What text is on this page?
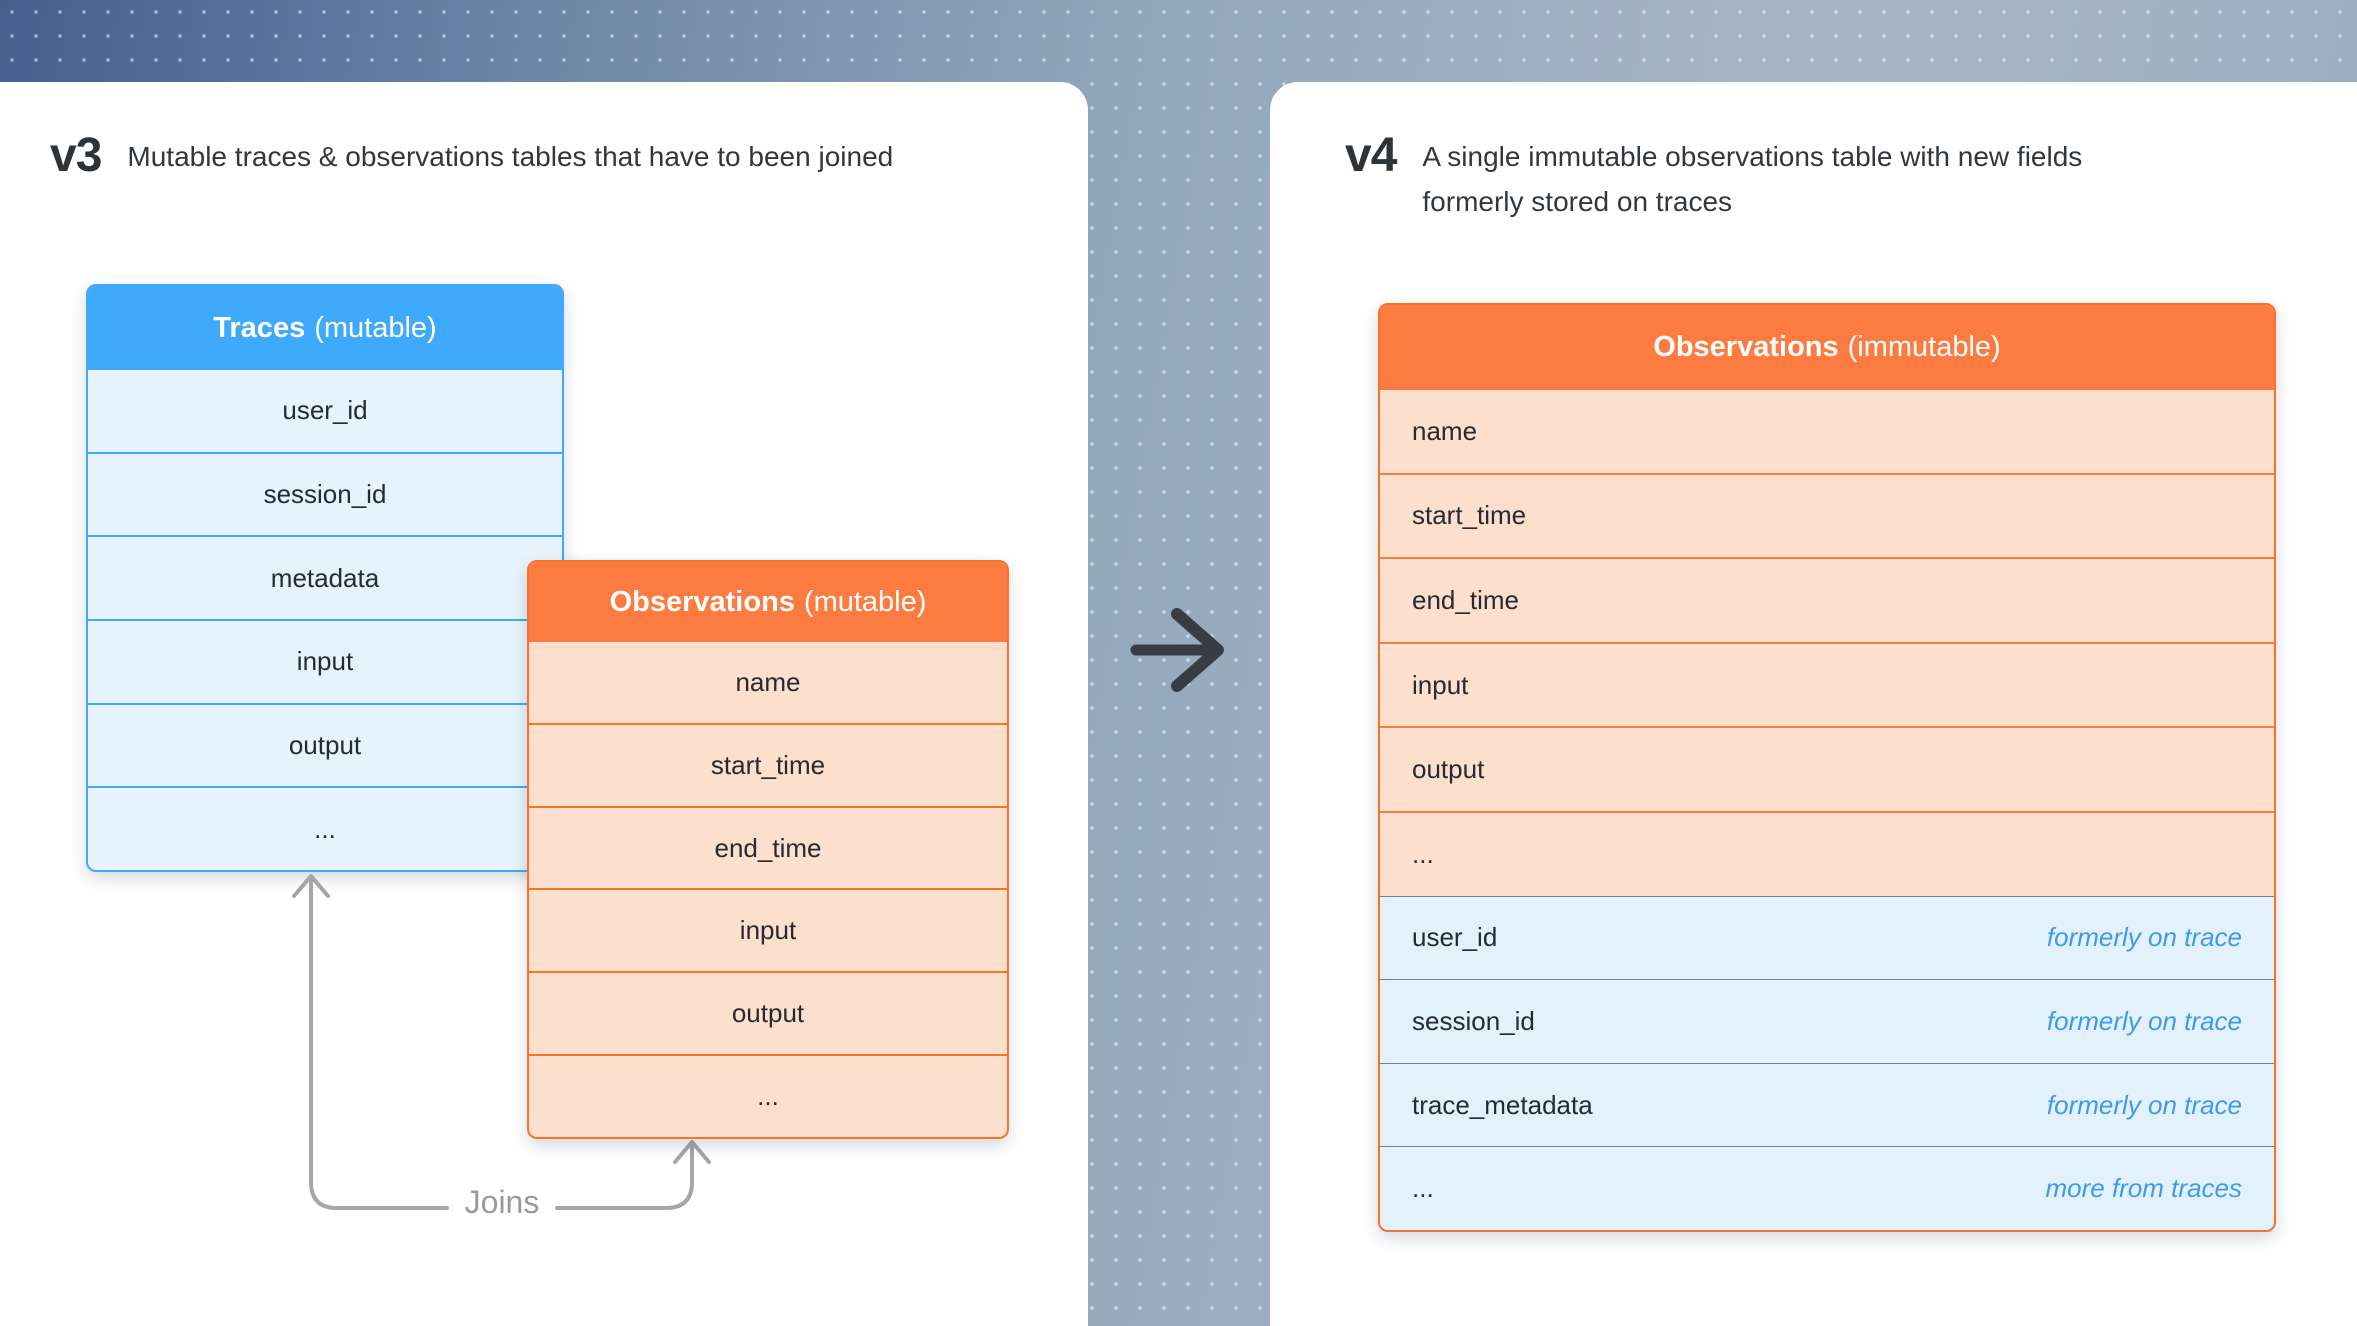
v3 Mutable traces & observations tables that have to been joined
Traces (mutable)
user_id
session_id
metadata
input
output
...
Observations (mutable)
name
start_time
end_time
input
output
...
Joins
v4 A single immutable observations table with new fields
formerly stored on traces
Observations (immutable)
name
start_time
end_time
input
output
...
user_id	formerly on trace
session_id	formerly on trace
trace_metadata	formerly on trace
...	more from traces
